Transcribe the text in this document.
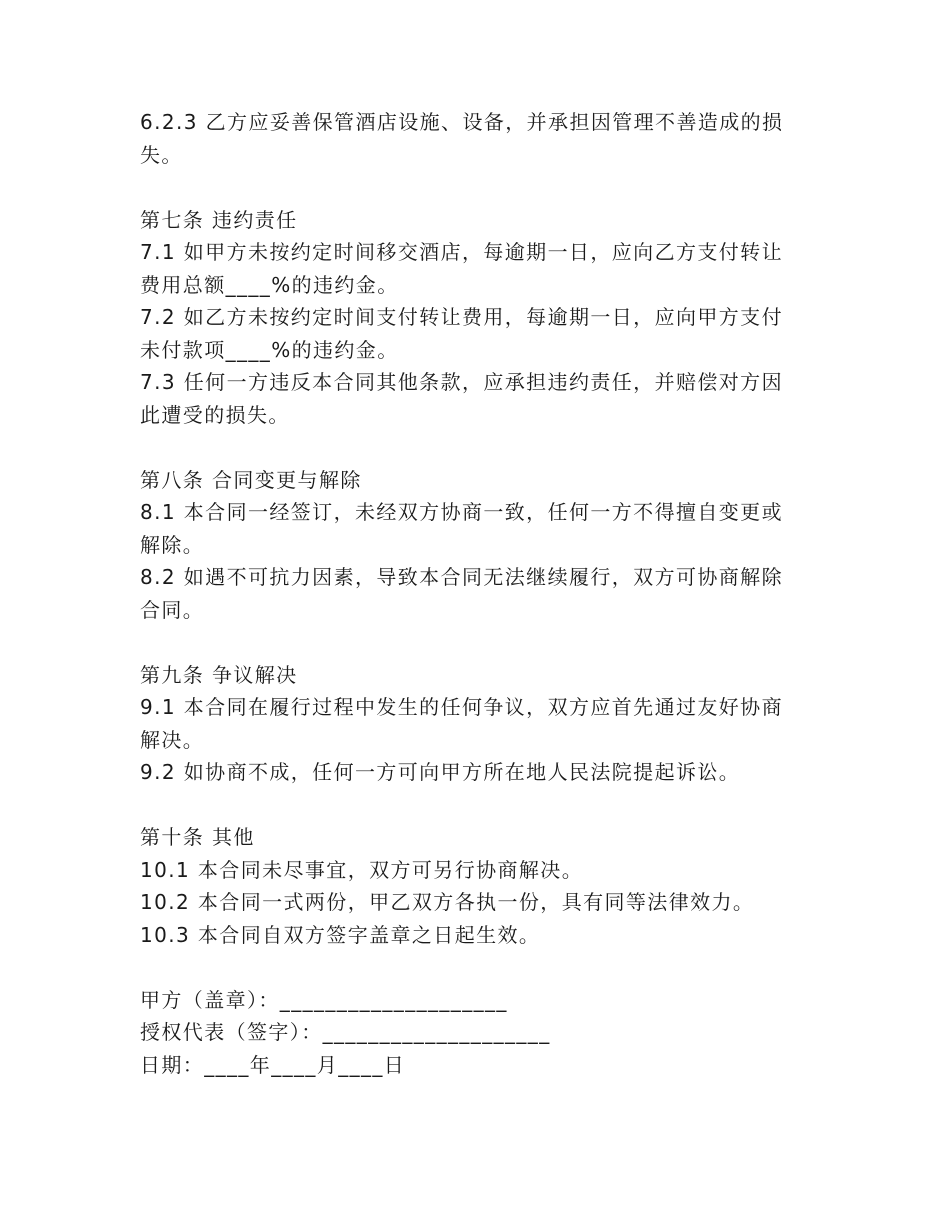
6.2.3 乙方应妥善保管酒店设施、设备，并承担因管理不善造成的损失。

第七条 违约责任

7.1 如甲方未按约定时间移交酒店，每逾期一日，应向乙方支付转让费用总额____%的违约金。

7.2 如乙方未按约定时间支付转让费用，每逾期一日，应向甲方支付未付款项____%的违约金。

7.3 任何一方违反本合同其他条款，应承担违约责任，并赔偿对方因此遭受的损失。

第八条 合同变更与解除

8.1 本合同一经签订，未经双方协商一致，任何一方不得擅自变更或解除。

8.2 如遇不可抗力因素，导致本合同无法继续履行，双方可协商解除合同。

第九条 争议解决

9.1 本合同在履行过程中发生的任何争议，双方应首先通过友好协商解决。

9.2 如协商不成，任何一方可向甲方所在地人民法院提起诉讼。

第十条 其他

10.1 本合同未尽事宜，双方可另行协商解决。

10.2 本合同一式两份，甲乙双方各执一份，具有同等法律效力。

10.3 本合同自双方签字盖章之日起生效。

甲方（盖章）：____________________

授权代表（签字）：____________________

日期：____年____月____日
